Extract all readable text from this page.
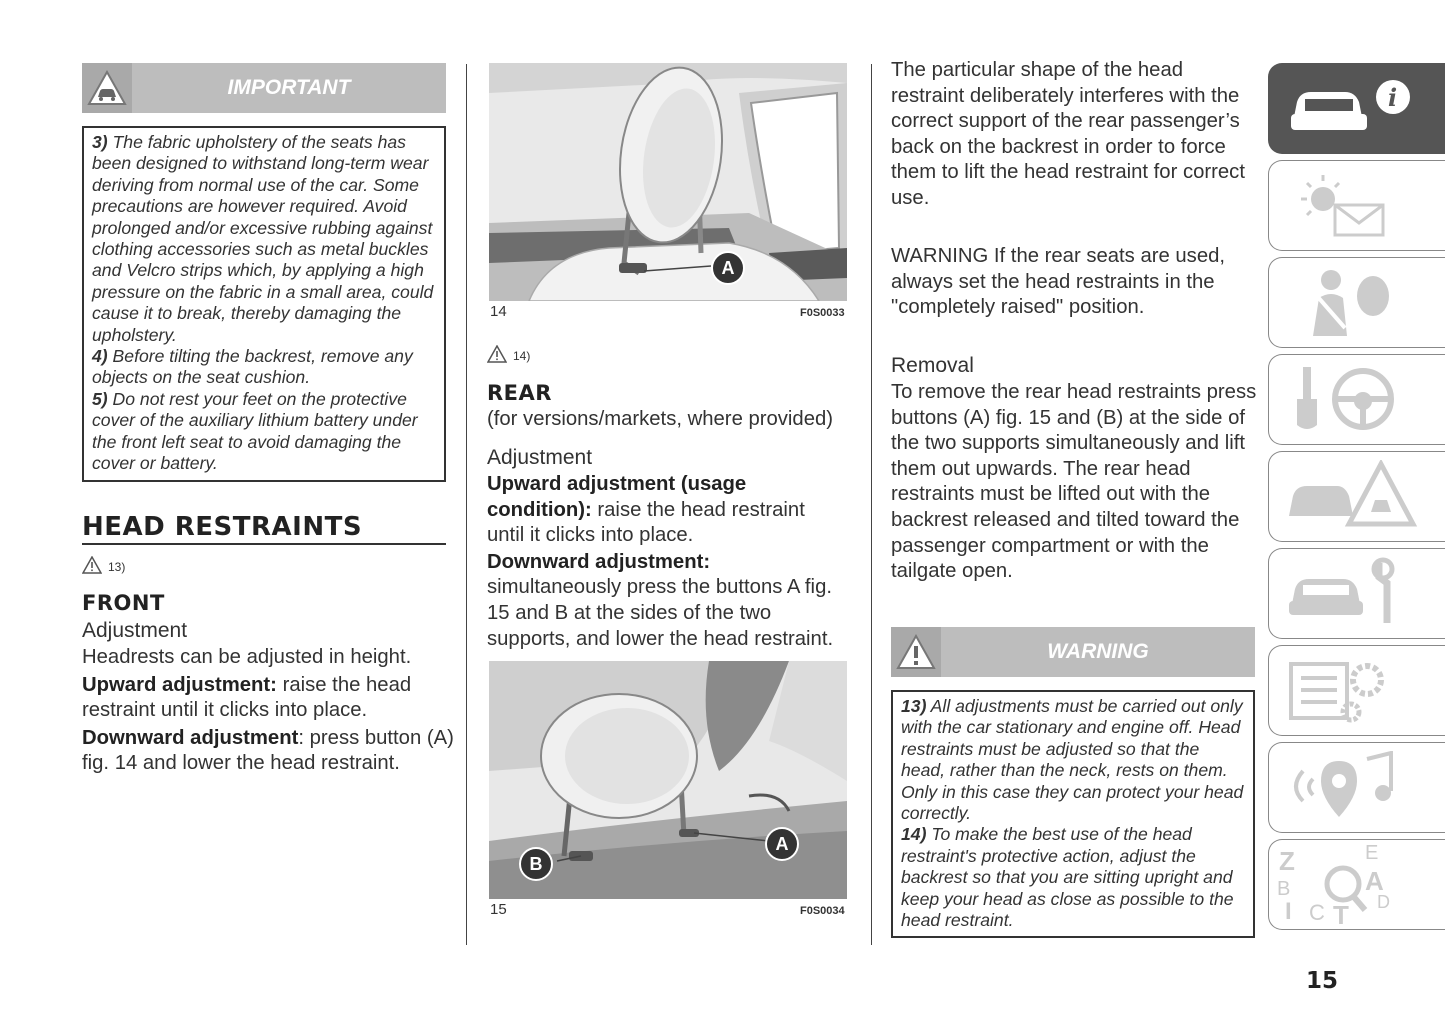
IMPORTANT

3) The fabric upholstery of the seats has been designed to withstand long-term wear deriving from normal use of the car. Some precautions are however required. Avoid prolonged and/or excessive rubbing against clothing accessories such as metal buckles and Velcro strips which, by applying a high pressure on the fabric in a small area, could cause it to break, thereby damaging the upholstery.

4) Before tilting the backrest, remove any objects on the seat cushion.

5) Do not rest your feet on the protective cover of the auxiliary lithium battery under the front left seat to avoid damaging the cover or battery.

HEAD RESTRAINTS
13)
FRONT
Adjustment
Headrests can be adjusted in height.
Upward adjustment: raise the head restraint until it clicks into place.
Downward adjustment: press button (A) fig. 14 and lower the head restraint.
A
14	F0S0033
14)
REAR
(for versions/markets, where provided)
Adjustment
Upward adjustment (usage condition): raise the head restraint until it clicks into place.
Downward adjustment: simultaneously press the buttons A fig. 15 and B at the sides of the two supports, and lower the head restraint.
A
B
15	F0S0034
The particular shape of the head restraint deliberately interferes with the correct support of the rear passenger’s back on the backrest in order to force them to lift the head restraint for correct use.
WARNING If the rear seats are used, always set the head restraints in the "completely raised" position.
Removal
To remove the rear head restraints press buttons (A) fig. 15 and (B) at the side of the two supports simultaneously and lift them out upwards. The rear head restraints must be lifted out with the backrest released and tilted toward the passenger compartment or with the tailgate open.
WARNING

13) All adjustments must be carried out only with the car stationary and engine off. Head restraints must be adjusted so that the head, rather than the neck, rests on them. Only in this case they can protect your head correctly.

14) To make the best use of the head restraint's protective action, adjust the backrest so that you are sitting upright and keep your head as close as possible to the head restraint.

i
Z	E
B	A
D
I C T
15
